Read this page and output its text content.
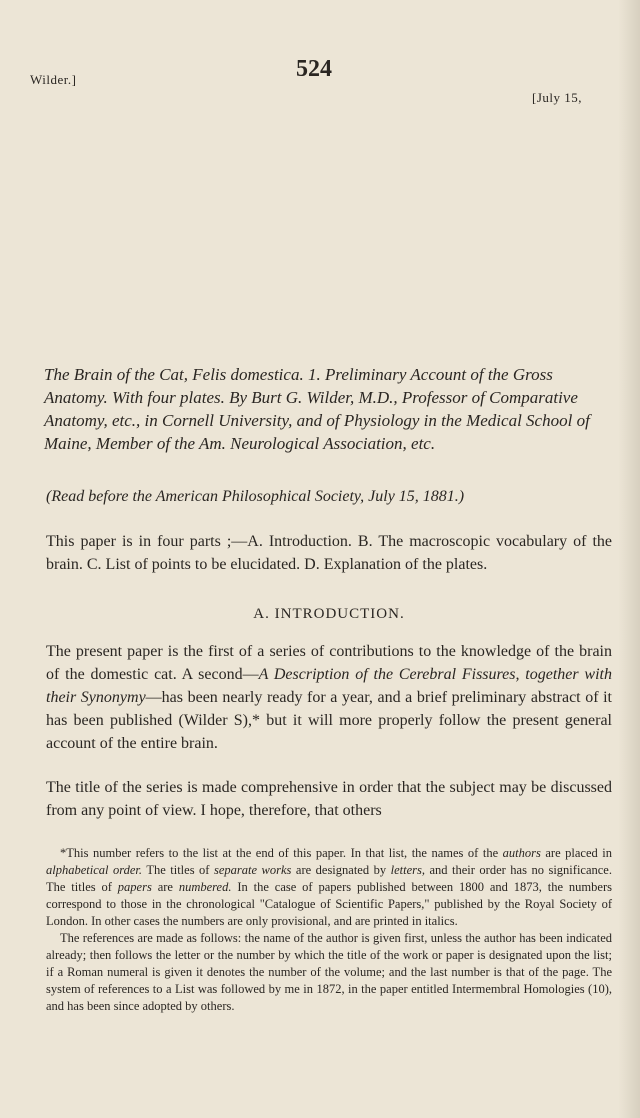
Wilder.]	524
[July 15,
The Brain of the Cat, Felis domestica. 1. Preliminary Account of the Gross Anatomy. With four plates. By Burt G. Wilder, M.D., Professor of Comparative Anatomy, etc., in Cornell University, and of Physiology in the Medical School of Maine, Member of the Am. Neurological Association, etc.
(Read before the American Philosophical Society, July 15, 1881.)
This paper is in four parts ;—A. Introduction. B. The macroscopic vocabulary of the brain. C. List of points to be elucidated. D. Explanation of the plates.
A. INTRODUCTION.
The present paper is the first of a series of contributions to the knowledge of the brain of the domestic cat. A second—A Description of the Cerebral Fissures, together with their Synonymy—has been nearly ready for a year, and a brief preliminary abstract of it has been published (Wilder S),* but it will more properly follow the present general account of the entire brain.
The title of the series is made comprehensive in order that the subject may be discussed from any point of view. I hope, therefore, that others

*This number refers to the list at the end of this paper. In that list, the names of the authors are placed in alphabetical order. The titles of separate works are designated by letters, and their order has no significance. The titles of papers are numbered. In the case of papers published between 1800 and 1873, the numbers correspond to those in the chronological "Catalogue of Scientific Papers," published by the Royal Society of London. In other cases the numbers are only provisional, and are printed in italics.

The references are made as follows: the name of the author is given first, unless the author has been indicated already; then follows the letter or the number by which the title of the work or paper is designated upon the list; if a Roman numeral is given it denotes the number of the volume; and the last number is that of the page. The system of references to a List was followed by me in 1872, in the paper entitled Intermembral Homologies (10), and has been since adopted by others.
